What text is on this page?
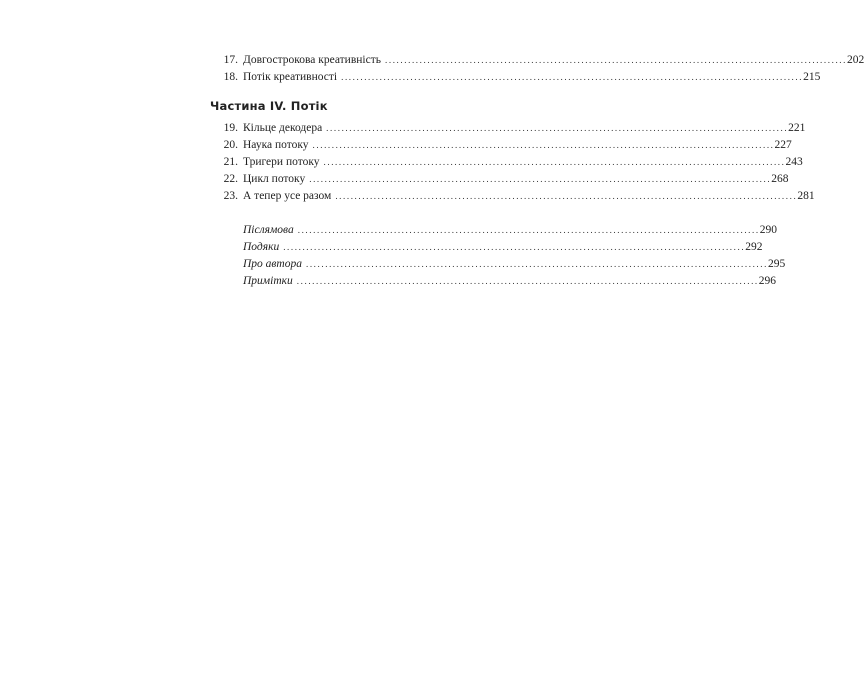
17. Довгострокова креативність ........................................................................................................................ 202
18. Потік креативності ........................................................................................................................ 215
Частина IV. Потік
19. Кільце декодера ........................................................................................................................ 221
20. Наука потоку ........................................................................................................................ 227
21. Тригери потоку ........................................................................................................................ 243
22. Цикл потоку ........................................................................................................................ 268
23. А тепер усе разом ........................................................................................................................ 281
Післямова ........................................................................................................................ 290
Подяки ........................................................................................................................ 292
Про автора ........................................................................................................................ 295
Примітки ........................................................................................................................ 296
